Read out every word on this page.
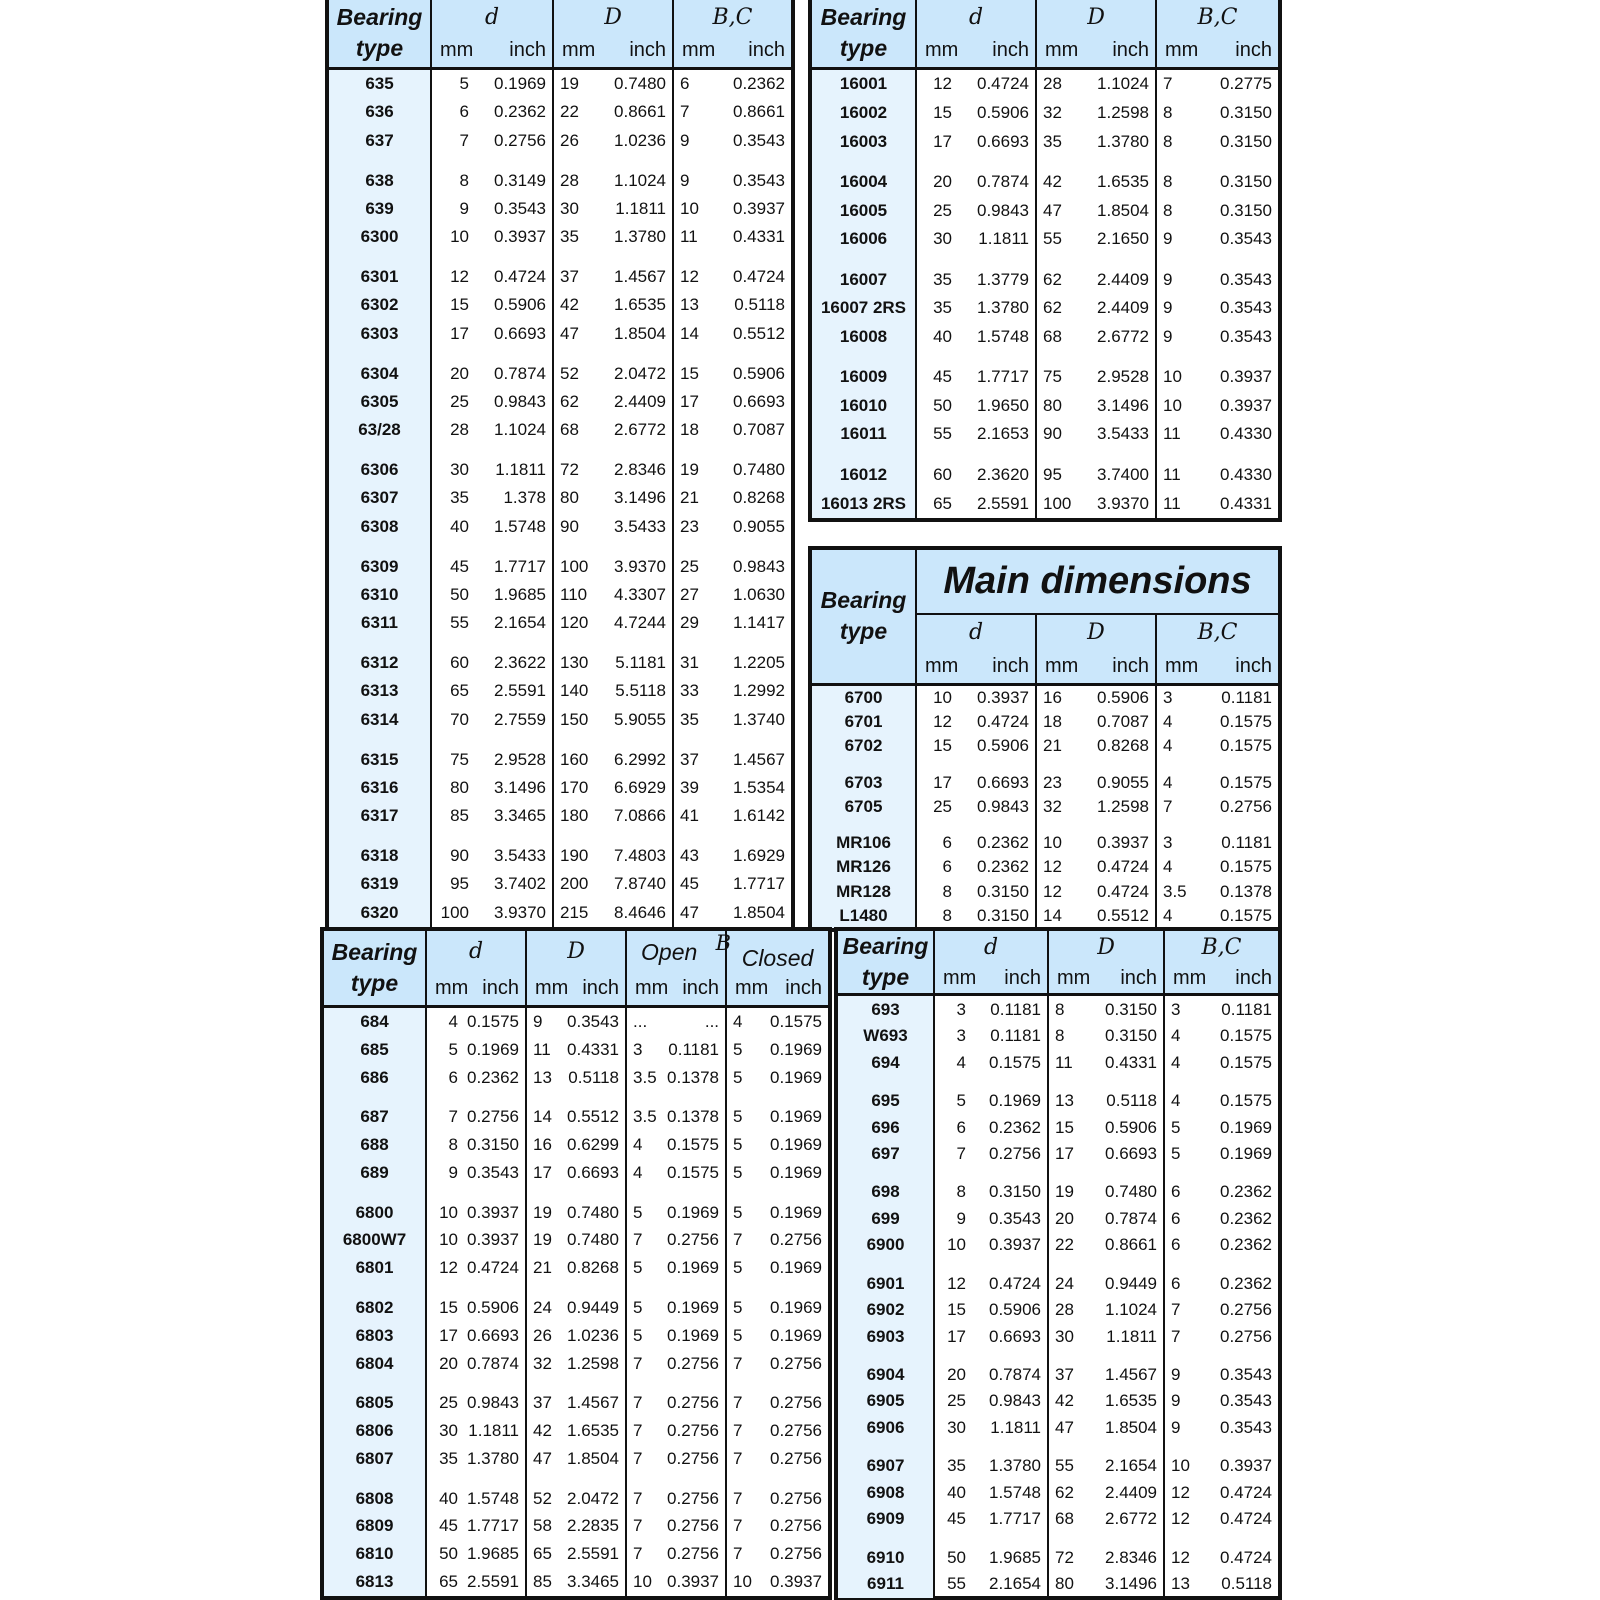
Bearing
type	d		D		B,C	
	mm	inch	mm	inch	mm	inch
635	5	0.1969	19	0.7480	6	0.2362
636	6	0.2362	22	0.8661	7	0.8661
637	7	0.2756	26	1.0236	9	0.3543

638	8	0.3149	28	1.1024	9	0.3543
639	9	0.3543	30	1.1811	10	0.3937
6300	10	0.3937	35	1.3780	11	0.4331

6301	12	0.4724	37	1.4567	12	0.4724
6302	15	0.5906	42	1.6535	13	0.5118
6303	17	0.6693	47	1.8504	14	0.5512

6304	20	0.7874	52	2.0472	15	0.5906
6305	25	0.9843	62	2.4409	17	0.6693
63/28	28	1.1024	68	2.6772	18	0.7087

6306	30	1.1811	72	2.8346	19	0.7480
6307	35	1.378	80	3.1496	21	0.8268
6308	40	1.5748	90	3.5433	23	0.9055

6309	45	1.7717	100	3.9370	25	0.9843
6310	50	1.9685	110	4.3307	27	1.0630
6311	55	2.1654	120	4.7244	29	1.1417

6312	60	2.3622	130	5.1181	31	1.2205
6313	65	2.5591	140	5.5118	33	1.2992
6314	70	2.7559	150	5.9055	35	1.3740

6315	75	2.9528	160	6.2992	37	1.4567
6316	80	3.1496	170	6.6929	39	1.5354
6317	85	3.3465	180	7.0866	41	1.6142

6318	90	3.5433	190	7.4803	43	1.6929
6319	95	3.7402	200	7.8740	45	1.7717
6320	100	3.9370	215	8.4646	47	1.8504
Bearing
type	d		D		B,C	
	mm	inch	mm	inch	mm	inch
16001	12	0.4724	28	1.1024	7	0.2775
16002	15	0.5906	32	1.2598	8	0.3150
16003	17	0.6693	35	1.3780	8	0.3150

16004	20	0.7874	42	1.6535	8	0.3150
16005	25	0.9843	47	1.8504	8	0.3150
16006	30	1.1811	55	2.1650	9	0.3543

16007	35	1.3779	62	2.4409	9	0.3543
16007 2RS	35	1.3780	62	2.4409	9	0.3543
16008	40	1.5748	68	2.6772	9	0.3543

16009	45	1.7717	75	2.9528	10	0.3937
16010	50	1.9650	80	3.1496	10	0.3937
16011	55	2.1653	90	3.5433	11	0.4330

16012	60	2.3620	95	3.7400	11	0.4330
16013 2RS	65	2.5591	100	3.9370	11	0.4331
Bearing
type	Main dimensions					
	d		D		B,C	
	mm	inch	mm	inch	mm	inch
6700	10	0.3937	16	0.5906	3	0.1181
6701	12	0.4724	18	0.7087	4	0.1575
6702	15	0.5906	21	0.8268	4	0.1575

6703	17	0.6693	23	0.9055	4	0.1575
6705	25	0.9843	32	1.2598	7	0.2756

MR106	6	0.2362	10	0.3937	3	0.1181
MR126	6	0.2362	12	0.4724	4	0.1575
MR128	8	0.3150	12	0.4724	3.5	0.1378
L1480	8	0.3150	14	0.5512	4	0.1575
Bearing
type	d		D		Open B		Closed	
	mm	inch	mm	inch	mm	inch	mm	inch
684	4	0.1575	9	0.3543	...	...	4	0.1575
685	5	0.1969	11	0.4331	3	0.1181	5	0.1969
686	6	0.2362	13	0.5118	3.5	0.1378	5	0.1969

687	7	0.2756	14	0.5512	3.5	0.1378	5	0.1969
688	8	0.3150	16	0.6299	4	0.1575	5	0.1969
689	9	0.3543	17	0.6693	4	0.1575	5	0.1969

6800	10	0.3937	19	0.7480	5	0.1969	5	0.1969
6800W7	10	0.3937	19	0.7480	7	0.2756	7	0.2756
6801	12	0.4724	21	0.8268	5	0.1969	5	0.1969

6802	15	0.5906	24	0.9449	5	0.1969	5	0.1969
6803	17	0.6693	26	1.0236	5	0.1969	5	0.1969
6804	20	0.7874	32	1.2598	7	0.2756	7	0.2756

6805	25	0.9843	37	1.4567	7	0.2756	7	0.2756
6806	30	1.1811	42	1.6535	7	0.2756	7	0.2756
6807	35	1.3780	47	1.8504	7	0.2756	7	0.2756

6808	40	1.5748	52	2.0472	7	0.2756	7	0.2756
6809	45	1.7717	58	2.2835	7	0.2756	7	0.2756
6810	50	1.9685	65	2.5591	7	0.2756	7	0.2756
6813	65	2.5591	85	3.3465	10	0.3937	10	0.3937
Bearing
type	d		D		B,C	
	mm	inch	mm	inch	mm	inch
693	3	0.1181	8	0.3150	3	0.1181
W693	3	0.1181	8	0.3150	4	0.1575
694	4	0.1575	11	0.4331	4	0.1575

695	5	0.1969	13	0.5118	4	0.1575
696	6	0.2362	15	0.5906	5	0.1969
697	7	0.2756	17	0.6693	5	0.1969

698	8	0.3150	19	0.7480	6	0.2362
699	9	0.3543	20	0.7874	6	0.2362
6900	10	0.3937	22	0.8661	6	0.2362

6901	12	0.4724	24	0.9449	6	0.2362
6902	15	0.5906	28	1.1024	7	0.2756
6903	17	0.6693	30	1.1811	7	0.2756

6904	20	0.7874	37	1.4567	9	0.3543
6905	25	0.9843	42	1.6535	9	0.3543
6906	30	1.1811	47	1.8504	9	0.3543

6907	35	1.3780	55	2.1654	10	0.3937
6908	40	1.5748	62	2.4409	12	0.4724
6909	45	1.7717	68	2.6772	12	0.4724

6910	50	1.9685	72	2.8346	12	0.4724
6911	55	2.1654	80	3.1496	13	0.5118
